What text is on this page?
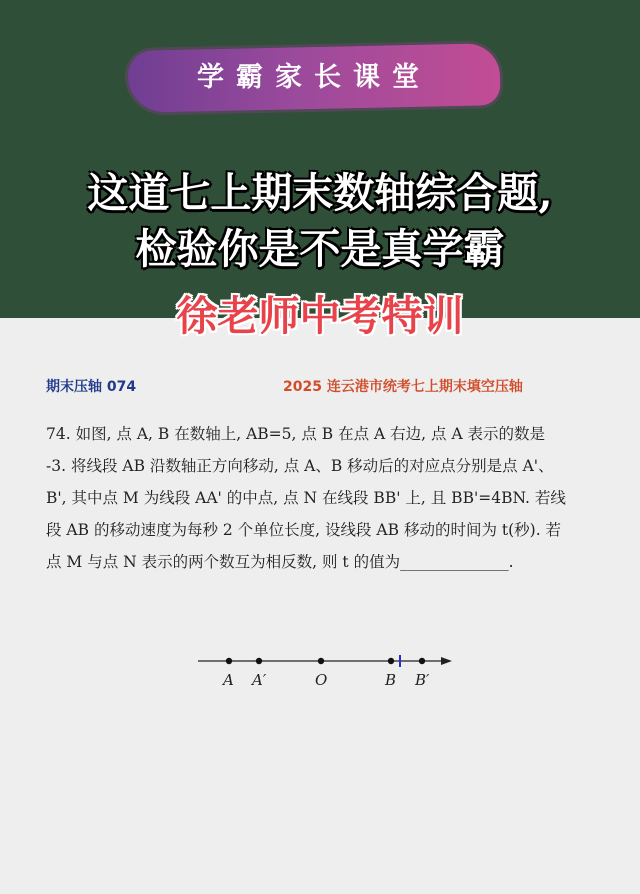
学霸家长课堂
这道七上期末数轴综合题,
检验你是不是真学霸
徐老师中考特训
期末压轴 074	2025 连云港市统考七上期末填空压轴
74. 如图, 点 A, B 在数轴上, AB=5, 点 B 在点 A 右边, 点 A 表示的数是
-3. 将线段 AB 沿数轴正方向移动, 点 A、B 移动后的对应点分别是点 A'、
B', 其中点 M 为线段 AA' 的中点, 点 N 在线段 BB' 上, 且 BB'=4BN. 若线
段 AB 的移动速度为每秒 2 个单位长度, 设线段 AB 移动的时间为 t(秒). 若
点 M 与点 N 表示的两个数互为相反数, 则 t 的值为______________.
A A′	O	B B′
